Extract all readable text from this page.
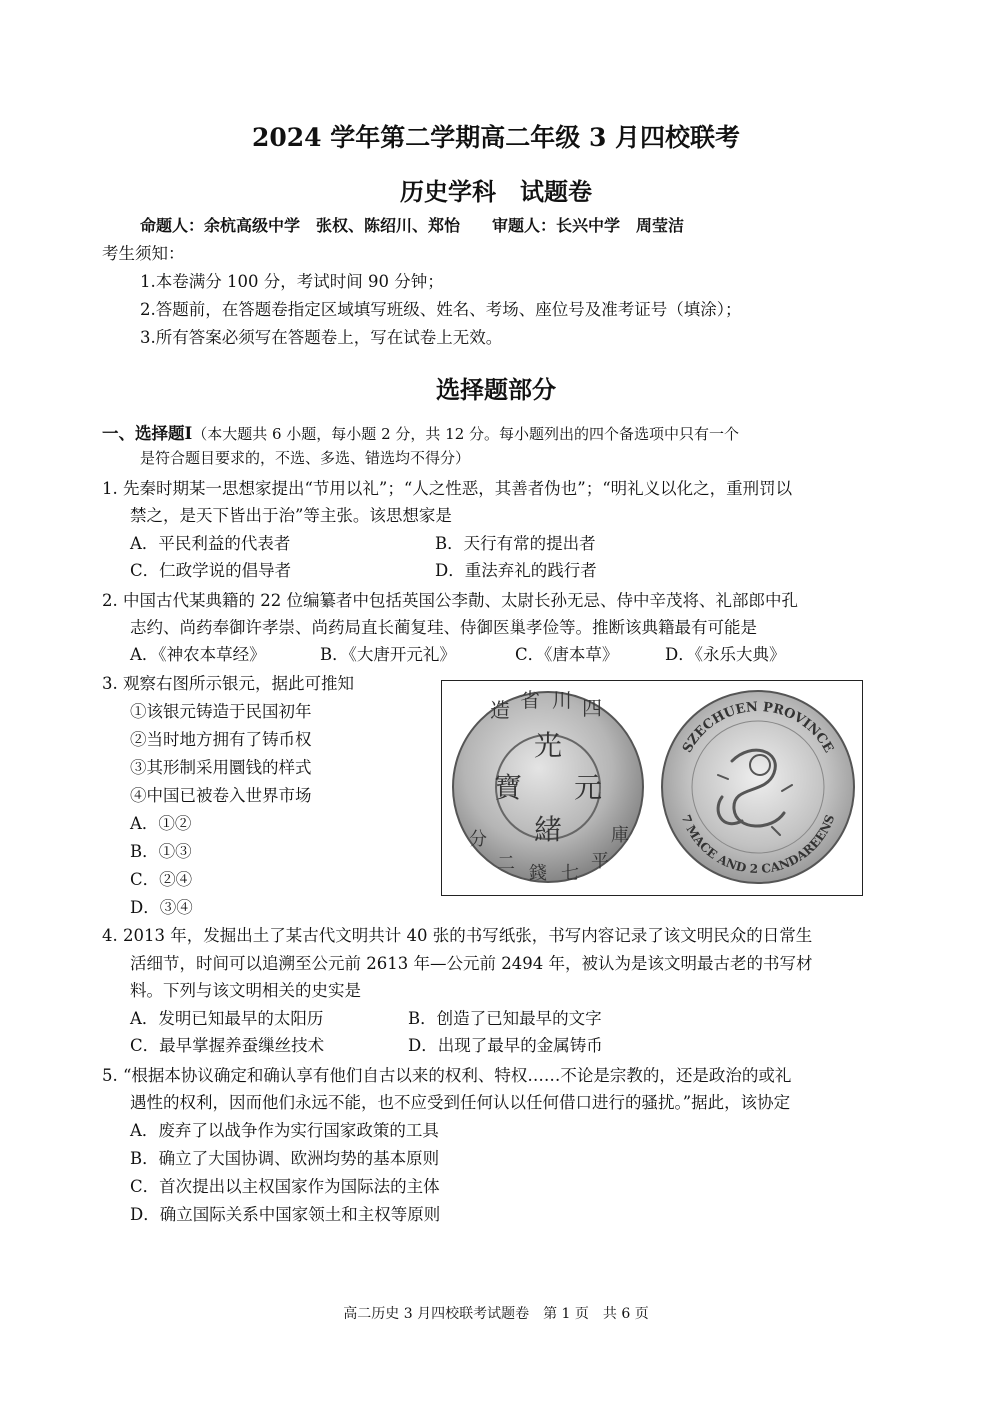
2024 学年第二学期高二年级 3 月四校联考
历史学科　试题卷
命题人：余杭高级中学　张权、陈绍川、郑怡　　审题人：长兴中学　周莹洁
考生须知：
1.本卷满分 100 分，考试时间 90 分钟；
2.答题前，在答题卷指定区域填写班级、姓名、考场、座位号及准考证号（填涂）；
3.所有答案必须写在答题卷上，写在试卷上无效。
选择题部分
一、选择题Ⅰ（本大题共 6 小题，每小题 2 分，共 12 分。每小题列出的四个备选项中只有一个
是符合题目要求的，不选、多选、错选均不得分）
1. 先秦时期某一思想家提出“节用以礼”；“人之性恶，其善者伪也”；“明礼义以化之，重刑罚以
禁之，是天下皆出于治”等主张。该思想家是
A．平民利益的代表者	B．天行有常的提出者
C．仁政学说的倡导者	D．重法弃礼的践行者
2. 中国古代某典籍的 22 位编纂者中包括英国公李勣、太尉长孙无忌、侍中辛茂将、礼部郎中孔
志约、尚药奉御许孝崇、尚药局直长蔺复珪、侍御医巢孝俭等。推断该典籍最有可能是
A．《神农本草经》	B．《大唐开元礼》	C．《唐本草》	D．《永乐大典》
3. 观察右图所示银元，据此可推知
①该银元铸造于民国初年
②当时地方拥有了铸币权
③其形制采用圜钱的样式
④中国已被卷入世界市场
A．①②
B．①③
C．②④
D．③④
光
緒
元
寶
四
川
省
造
庫
平
七
錢
二
分
SZECHUEN PROVINCE
7 MACE AND 2 CANDAREENS
4. 2013 年，发掘出土了某古代文明共计 40 张的书写纸张，书写内容记录了该文明民众的日常生
活细节，时间可以追溯至公元前 2613 年—公元前 2494 年，被认为是该文明最古老的书写材
料。下列与该文明相关的史实是
A．发明已知最早的太阳历	B．创造了已知最早的文字
C．最早掌握养蚕缫丝技术	D．出现了最早的金属铸币
5. “根据本协议确定和确认享有他们自古以来的权利、特权……不论是宗教的，还是政治的或礼
遇性的权利，因而他们永远不能，也不应受到任何认以任何借口进行的骚扰。”据此，该协定
A．废弃了以战争作为实行国家政策的工具
B．确立了大国协调、欧洲均势的基本原则
C．首次提出以主权国家作为国际法的主体
D．确立国际关系中国家领土和主权等原则
高二历史 3 月四校联考试题卷　第 1 页　共 6 页
